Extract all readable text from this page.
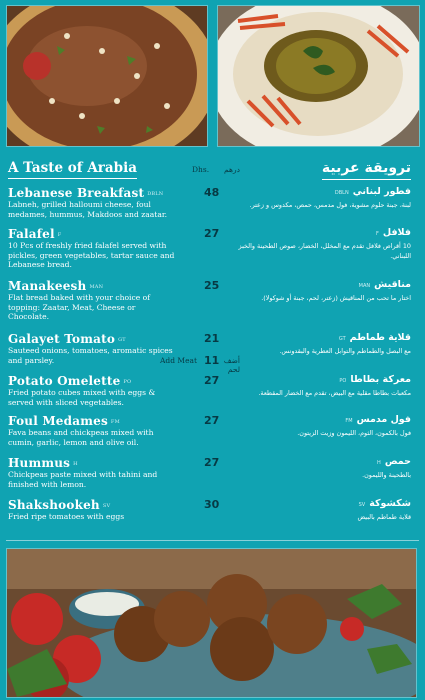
A Taste of Arabia	Dhs. درهم	ترويقة عربية
Lebanese Breakfast DBLN
Labneh, grilled halloumi cheese, foul medames, hummus, Makdoos and zaatar.
48	فطور لبنانيDBLN
لبنة، جبنة حلوم مشوية، فول مدمس، حمص، مكدوس و زعتر.
Falafel F
10 Pcs of freshly fried falafel served with pickles, green vegetables, tartar sauce and Lebanese bread.
27	فلافلF
10 أقراص فلافل تقدم مع المخلل، الخضار، صوص الطحينة والخبز اللبناني.
Manakeesh MAN
Flat bread baked with your choice of topping: Zaatar, Meat, Cheese or Chocolate.
25	مناقيشMAN
اختار ما تحب من المناقيش (زعتر، لحم، جبنة أو شوكولا).
Galayet Tomato GT
Sauteed onions, tomatoes, aromatic spices and parsley.
21	قلاية طماطمGT
مع البصل والطماطم والتوابل العطرية والبقدونس.
Add Meat 11 أضف لحم
Potato Omelette PO
Fried potato cubes mixed with eggs & served with sliced vegetables.
27	معركة بطاطاPO
مكعبات بطاطا مقلية مع البيض، تقدم مع الخضار المقطعة.
Foul Medames FM
Fava beans and chickpeas mixed with cumin, garlic, lemon and olive oil.
27	فول مدمسFM
فول بالكمون، الثوم، الليمون وزيت الزيتون.
Hummus H
Chickpeas paste mixed with tahini and finished with lemon.
27	حمصH
بالطحينة والليمون.
Shakshookeh SV
Fried ripe tomatoes with eggs
30	شكشوكةSV
قلاية طماطم بالبيض
